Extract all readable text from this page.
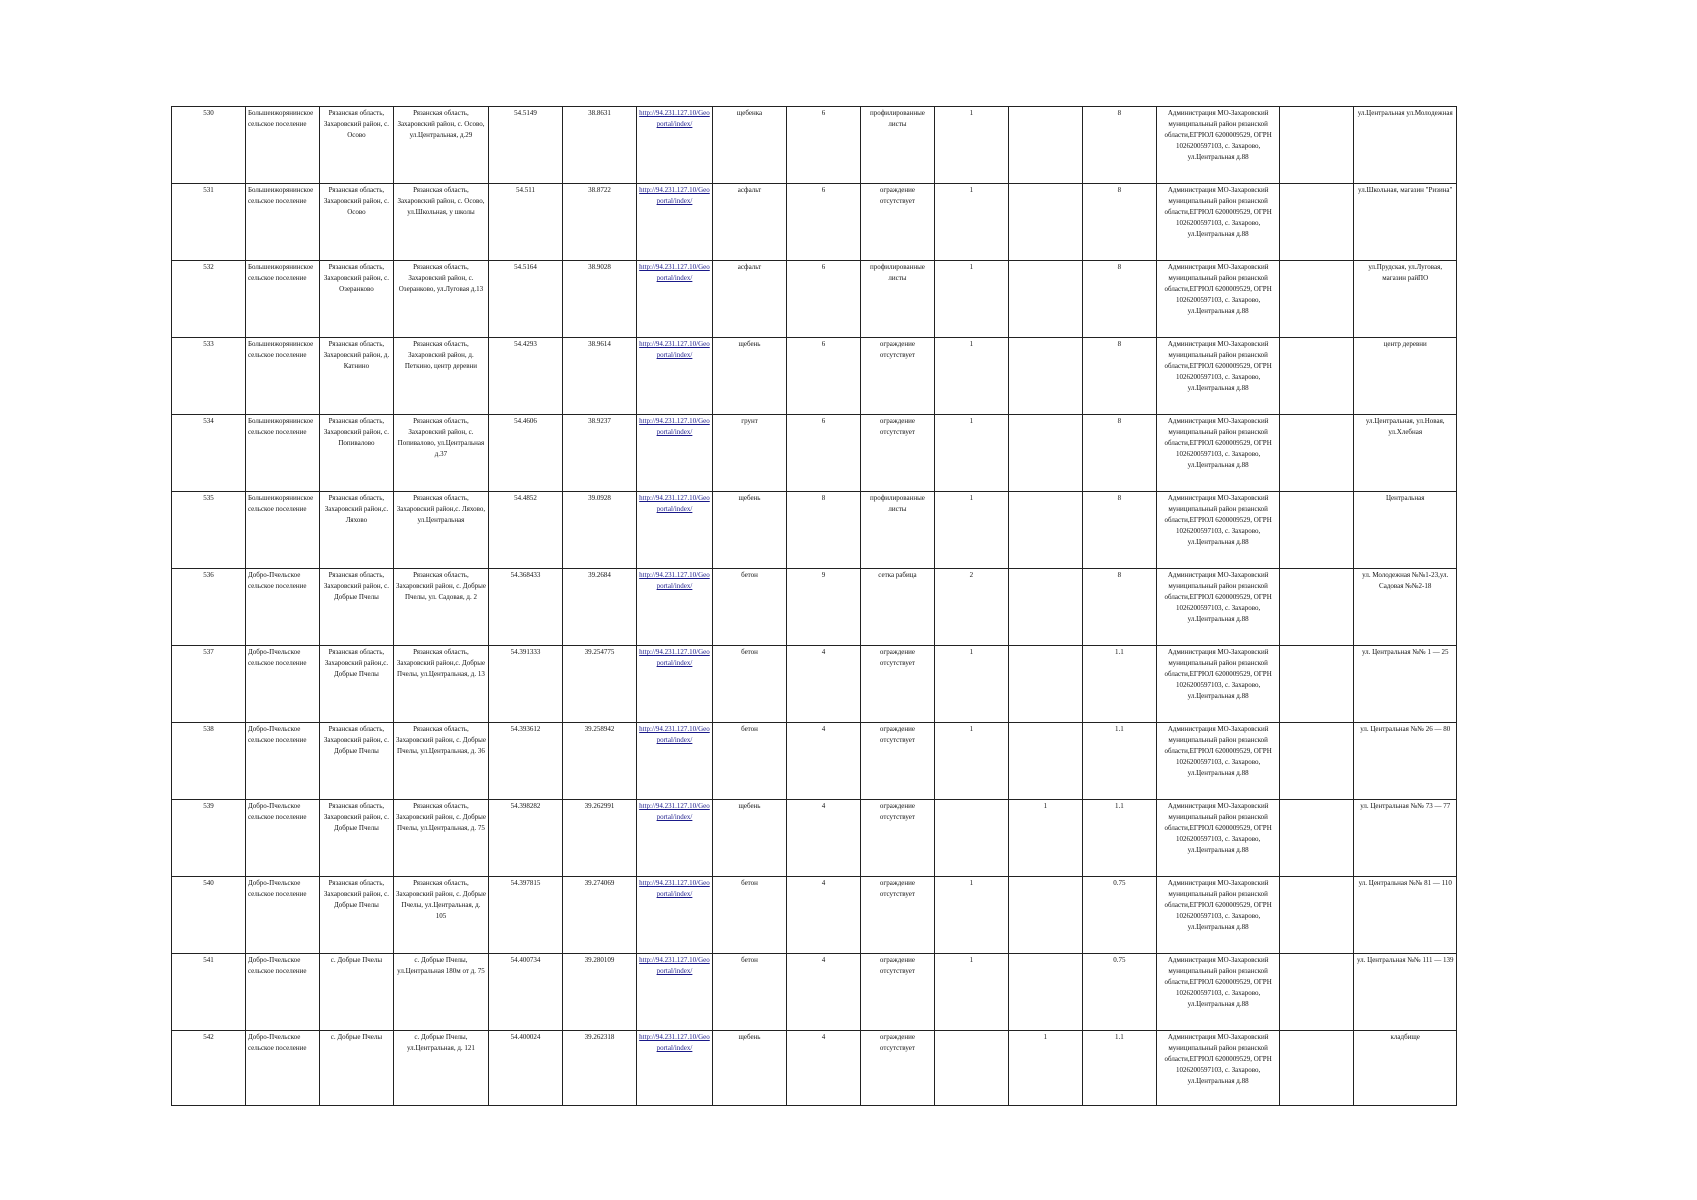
530	Большеижорянинское сельское поселение	Рязанская область, Захаровский район, с. Осово	Рязанская область, Захаровский район, с. Осово, ул.Центральная, д.29	54.5149	38.8631	http://94.231.127.10/Geoportal/index/	щебенка	6	профилированные листы	1		8	Администрация МО-Захаровский муниципальный район рязанской области,ЕГРЮЛ 6200009529, ОГРН 1026200597103, с. Захарово, ул.Центральная д.88		ул.Центральная ул.Молодежная
531	Большеижорянинское сельское поселение	Рязанская область, Захаровский район, с. Осово	Рязанская область, Захаровский район, с. Осово, ул.Школьная, у школы	54.511	38.8722	http://94.231.127.10/Geoportal/index/	асфальт	6	ограждение отсутствует	1		8	Администрация МО-Захаровский муниципальный район рязанской области,ЕГРЮЛ 6200009529, ОГРН 1026200597103, с. Захарово, ул.Центральная д.88		ул.Школьная, магазин "Ризина"
532	Большеижорянинское сельское поселение	Рязанская область, Захаровский район, с. Озеранково	Рязанская область, Захаровский район, с. Озеранково, ул.Луговая д.13	54.5164	38.9028	http://94.231.127.10/Geoportal/index/	асфальт	6	профилированные листы	1		8	Администрация МО-Захаровский муниципальный район рязанской области,ЕГРЮЛ 6200009529, ОГРН 1026200597103, с. Захарово, ул.Центральная д.88		ул.Прудская, ул.Луговая, магазин райПО
533	Большеижорянинское сельское поселение	Рязанская область, Захаровский район, д. Катнино	Рязанская область, Захаровский район, д. Петкино, центр деревни	54.4293	38.9614	http://94.231.127.10/Geoportal/index/	щебень	6	ограждение отсутствует	1		8	Администрация МО-Захаровский муниципальный район рязанской области,ЕГРЮЛ 6200009529, ОГРН 1026200597103, с. Захарово, ул.Центральная д.88		центр деревни
534	Большеижорянинское сельское поселение	Рязанская область, Захаровский район, с. Попивалово	Рязанская область, Захаровский район, с. Попивалово, ул.Центральная д.37	54.4606	38.9237	http://94.231.127.10/Geoportal/index/	грунт	6	ограждение отсутствует	1		8	Администрация МО-Захаровский муниципальный район рязанской области,ЕГРЮЛ 6200009529, ОГРН 1026200597103, с. Захарово, ул.Центральная д.88		ул.Центральная, ул.Новая, ул.Хлебная
535	Большеижорянинское сельское поселение	Рязанская область, Захаровский район,с. Ляхово	Рязанская область, Захаровский район,с. Ляхово, ул.Центральная	54.4852	39.0928	http://94.231.127.10/Geoportal/index/	щебень	8	профилированные листы	1		8	Администрация МО-Захаровский муниципальный район рязанской области,ЕГРЮЛ 6200009529, ОГРН 1026200597103, с. Захарово, ул.Центральная д.88		Центральная
536	Добро-Пчельское сельское поселение	Рязанская область, Захаровский район, с. Добрые Пчелы	Рязанская область, Захаровский район, с. Добрые Пчелы, ул. Садовая, д. 2	54.368433	39.2684	http://94.231.127.10/Geoportal/index/	бетон	9	сетка рабица	2		8	Администрация МО-Захаровский муниципальный район рязанской области,ЕГРЮЛ 6200009529, ОГРН 1026200597103, с. Захарово, ул.Центральная д.88		ул. Молодежная №№1-23,ул. Садовая №№2-18
537	Добро-Пчельское сельское поселение	Рязанская область, Захаровский район,с. Добрые Пчелы	Рязанская область, Захаровский район,с. Добрые Пчелы, ул.Центральная, д. 13	54.391333	39.254775	http://94.231.127.10/Geoportal/index/	бетон	4	ограждение отсутствует	1		1.1	Администрация МО-Захаровский муниципальный район рязанской области,ЕГРЮЛ 6200009529, ОГРН 1026200597103, с. Захарово, ул.Центральная д.88		ул. Центральная №№ 1 — 25
538	Добро-Пчельское сельское поселение	Рязанская область, Захаровский район, с. Добрые Пчелы	Рязанская область, Захаровский район, с. Добрые Пчелы, ул.Центральная, д. 36	54.393612	39.258942	http://94.231.127.10/Geoportal/index/	бетон	4	ограждение отсутствует	1		1.1	Администрация МО-Захаровский муниципальный район рязанской области,ЕГРЮЛ 6200009529, ОГРН 1026200597103, с. Захарово, ул.Центральная д.88		ул. Центральная №№ 26 — 80
539	Добро-Пчельское сельское поселение	Рязанская область, Захаровский район, с. Добрые Пчелы	Рязанская область, Захаровский район, с. Добрые Пчелы, ул.Центральная, д. 75	54.398282	39.262991	http://94.231.127.10/Geoportal/index/	щебень	4	ограждение отсутствует		1	1.1	Администрация МО-Захаровский муниципальный район рязанской области,ЕГРЮЛ 6200009529, ОГРН 1026200597103, с. Захарово, ул.Центральная д.88		ул. Центральная №№ 73 — 77
540	Добро-Пчельское сельское поселение	Рязанская область, Захаровский район, с. Добрые Пчелы	Рязанская область, Захаровский район, с. Добрые Пчелы, ул.Центральная, д. 105	54.397815	39.274069	http://94.231.127.10/Geoportal/index/	бетон	4	ограждение отсутствует	1		0.75	Администрация МО-Захаровский муниципальный район рязанской области,ЕГРЮЛ 6200009529, ОГРН 1026200597103, с. Захарово, ул.Центральная д.88		ул. Центральная №№ 81 — 110
541	Добро-Пчельское сельское поселение	с. Добрые Пчелы	с. Добрые Пчелы, ул.Центральная 180м от д. 75	54.400734	39.280109	http://94.231.127.10/Geoportal/index/	бетон	4	ограждение отсутствует	1		0.75	Администрация МО-Захаровский муниципальный район рязанской области,ЕГРЮЛ 6200009529, ОГРН 1026200597103, с. Захарово, ул.Центральная д.88		ул. Центральная №№ 111 — 139
542	Добро-Пчельское сельское поселение	с. Добрые Пчелы	с. Добрые Пчелы, ул.Центральная, д. 121	54.400024	39.262318	http://94.231.127.10/Geoportal/index/	щебень	4	ограждение отсутствует		1	1.1	Администрация МО-Захаровский муниципальный район рязанской области,ЕГРЮЛ 6200009529, ОГРН 1026200597103, с. Захарово, ул.Центральная д.88		кладбище
